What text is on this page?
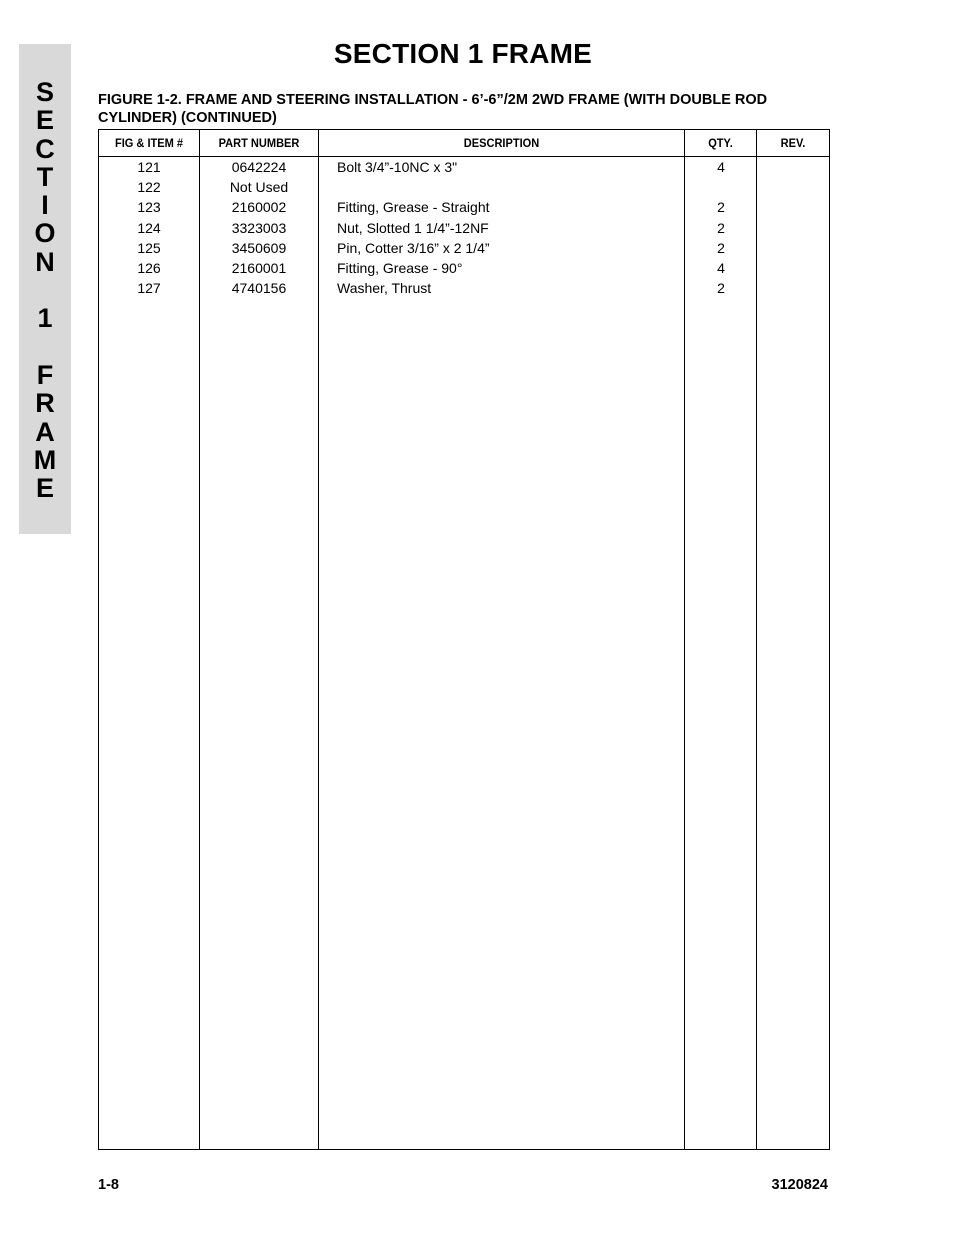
S
E
C
T
I
O
N
1
F
R
A
M
E
SECTION 1 FRAME
FIGURE 1-2. FRAME AND STEERING INSTALLATION - 6’-6”/2M 2WD FRAME (WITH DOUBLE ROD
CYLINDER) (CONTINUED)
FIG & ITEM #	PART NUMBER	DESCRIPTION	QTY.	REV.
121	0642224	Bolt 3/4”-10NC x 3"	4
122	Not Used
123	2160002	Fitting, Grease - Straight	2
124	3323003	Nut, Slotted 1 1/4”-12NF	2
125	3450609	Pin, Cotter 3/16” x 2 1/4”	2
126	2160001	Fitting, Grease - 90°	4
127	4740156	Washer, Thrust	2
1-8	3120824
